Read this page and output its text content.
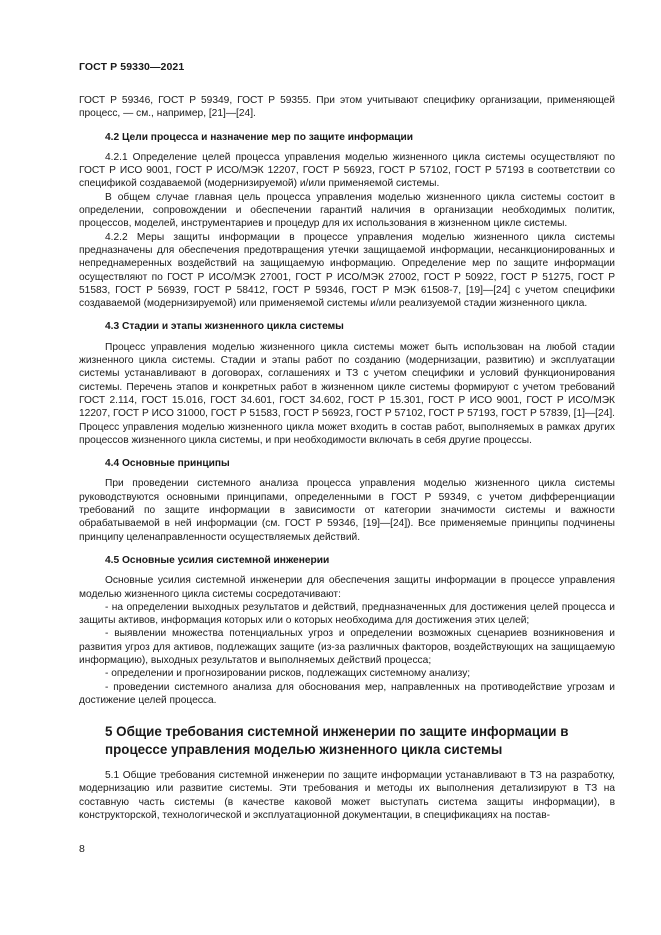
ГОСТ Р 59330—2021

ГОСТ Р 59346, ГОСТ Р 59349, ГОСТ Р 59355. При этом учитывают специфику организации, применяющей процесс, — см., например, [21]—[24].

4.2 Цели процесса и назначение мер по защите информации

4.2.1 Определение целей процесса управления моделью жизненного цикла системы осуществляют по ГОСТ Р ИСО 9001, ГОСТ Р ИСО/МЭК 12207, ГОСТ Р 56923, ГОСТ Р 57102, ГОСТ Р 57193 в соответствии со спецификой создаваемой (модернизируемой) и/или применяемой системы.

В общем случае главная цель процесса управления моделью жизненного цикла системы состоит в определении, сопровождении и обеспечении гарантий наличия в организации необходимых политик, процессов, моделей, инструментариев и процедур для их использования в жизненном цикле системы.

4.2.2 Меры защиты информации в процессе управления моделью жизненного цикла системы предназначены для обеспечения предотвращения утечки защищаемой информации, несанкционированных и непреднамеренных воздействий на защищаемую информацию. Определение мер по защите информации осуществляют по ГОСТ Р ИСО/МЭК 27001, ГОСТ Р ИСО/МЭК 27002, ГОСТ Р 50922, ГОСТ Р 51275, ГОСТ Р 51583, ГОСТ Р 56939, ГОСТ Р 58412, ГОСТ Р 59346, ГОСТ Р МЭК 61508-7, [19]—[24] с учетом специфики создаваемой (модернизируемой) или применяемой системы и/или реализуемой стадии жизненного цикла.

4.3 Стадии и этапы жизненного цикла системы

Процесс управления моделью жизненного цикла системы может быть использован на любой стадии жизненного цикла системы. Стадии и этапы работ по созданию (модернизации, развитию) и эксплуатации системы устанавливают в договорах, соглашениях и ТЗ с учетом специфики и условий функционирования системы. Перечень этапов и конкретных работ в жизненном цикле системы формируют с учетом требований ГОСТ 2.114, ГОСТ 15.016, ГОСТ 34.601, ГОСТ 34.602, ГОСТ Р 15.301, ГОСТ Р ИСО 9001, ГОСТ Р ИСО/МЭК 12207, ГОСТ Р ИСО 31000, ГОСТ Р 51583, ГОСТ Р 56923, ГОСТ Р 57102, ГОСТ Р 57193, ГОСТ Р 57839, [1]—[24]. Процесс управления моделью жизненного цикла может входить в состав работ, выполняемых в рамках других процессов жизненного цикла системы, и при необходимости включать в себя другие процессы.

4.4 Основные принципы

При проведении системного анализа процесса управления моделью жизненного цикла системы руководствуются основными принципами, определенными в ГОСТ Р 59349, с учетом дифференциации требований по защите информации в зависимости от категории значимости системы и важности обрабатываемой в ней информации (см. ГОСТ Р 59346, [19]—[24]). Все применяемые принципы подчинены принципу целенаправленности осуществляемых действий.

4.5 Основные усилия системной инженерии

Основные усилия системной инженерии для обеспечения защиты информации в процессе управления моделью жизненного цикла системы сосредотачивают:

- на определении выходных результатов и действий, предназначенных для достижения целей процесса и защиты активов, информация которых или о которых необходима для достижения этих целей;

- выявлении множества потенциальных угроз и определении возможных сценариев возникновения и развития угроз для активов, подлежащих защите (из-за различных факторов, воздействующих на защищаемую информацию), выходных результатов и выполняемых действий процесса;

- определении и прогнозировании рисков, подлежащих системному анализу;

- проведении системного анализа для обоснования мер, направленных на противодействие угрозам и достижение целей процесса.

5 Общие требования системной инженерии по защите информации в процессе управления моделью жизненного цикла системы

5.1 Общие требования системной инженерии по защите информации устанавливают в ТЗ на разработку, модернизацию или развитие системы. Эти требования и методы их выполнения детализируют в ТЗ на составную часть системы (в качестве каковой может выступать система защиты информации), в конструкторской, технологической и эксплуатационной документации, в спецификациях на постав-

8
